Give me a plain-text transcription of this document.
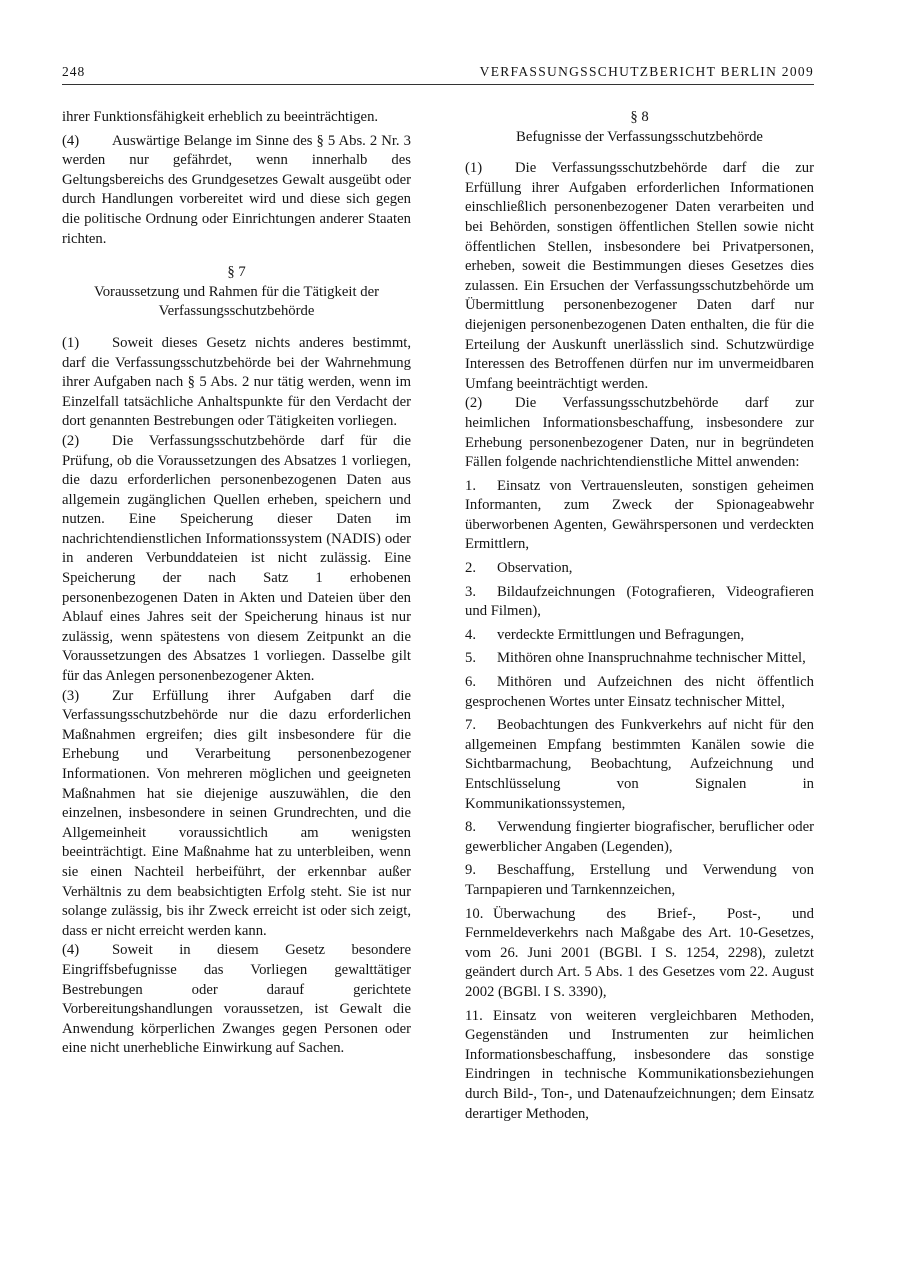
248	VERFASSUNGSSCHUTZBERICHT BERLIN 2009

ihrer Funktionsfähigkeit erheblich zu beeinträchtigen.

(4) Auswärtige Belange im Sinne des § 5 Abs. 2 Nr. 3 werden nur gefährdet, wenn innerhalb des Geltungsbereichs des Grundgesetzes Gewalt ausgeübt oder durch Handlungen vorbereitet wird und diese sich gegen die politische Ordnung oder Einrichtungen anderer Staaten richten.

§ 7
Voraussetzung und Rahmen für die Tätigkeit der Verfassungsschutzbehörde

(1) Soweit dieses Gesetz nichts anderes bestimmt, darf die Verfassungsschutzbehörde bei der Wahrnehmung ihrer Aufgaben nach § 5 Abs. 2 nur tätig werden, wenn im Einzelfall tatsächliche Anhaltspunkte für den Verdacht der dort genannten Bestrebungen oder Tätigkeiten vorliegen.

(2) Die Verfassungsschutzbehörde darf für die Prüfung, ob die Voraussetzungen des Absatzes 1 vorliegen, die dazu erforderlichen personenbezogenen Daten aus allgemein zugänglichen Quellen erheben, speichern und nutzen. Eine Speicherung dieser Daten im nachrichtendienstlichen Informationssystem (NADIS) oder in anderen Verbunddateien ist nicht zulässig. Eine Speicherung der nach Satz 1 erhobenen personenbezogenen Daten in Akten und Dateien über den Ablauf eines Jahres seit der Speicherung hinaus ist nur zulässig, wenn spätestens von diesem Zeitpunkt an die Voraussetzungen des Absatzes 1 vorliegen. Dasselbe gilt für das Anlegen personenbezogener Akten.

(3) Zur Erfüllung ihrer Aufgaben darf die Verfassungsschutzbehörde nur die dazu erforderlichen Maßnahmen ergreifen; dies gilt insbesondere für die Erhebung und Verarbeitung personenbezogener Informationen. Von mehreren möglichen und geeigneten Maßnahmen hat sie diejenige auszuwählen, die den einzelnen, insbesondere in seinen Grundrechten, und die Allgemeinheit voraussichtlich am wenigsten beeinträchtigt. Eine Maßnahme hat zu unterbleiben, wenn sie einen Nachteil herbeiführt, der erkennbar außer Verhältnis zu dem beabsichtigten Erfolg steht. Sie ist nur solange zulässig, bis ihr Zweck erreicht ist oder sich zeigt, dass er nicht erreicht werden kann.

(4) Soweit in diesem Gesetz besondere Eingriffsbefugnisse das Vorliegen gewalttätiger Bestrebungen oder darauf gerichtete Vorbereitungshandlungen voraussetzen, ist Gewalt die Anwendung körperlichen Zwanges gegen Personen oder eine nicht unerhebliche Einwirkung auf Sachen.

§ 8
Befugnisse der Verfassungsschutzbehörde

(1) Die Verfassungsschutzbehörde darf die zur Erfüllung ihrer Aufgaben erforderlichen Informationen einschließlich personenbezogener Daten verarbeiten und bei Behörden, sonstigen öffentlichen Stellen sowie nicht öffentlichen Stellen, insbesondere bei Privatpersonen, erheben, soweit die Bestimmungen dieses Gesetzes dies zulassen. Ein Ersuchen der Verfassungsschutzbehörde um Übermittlung personenbezogener Daten darf nur diejenigen personenbezogenen Daten enthalten, die für die Erteilung der Auskunft unerlässlich sind. Schutzwürdige Interessen des Betroffenen dürfen nur im unvermeidbaren Umfang beeinträchtigt werden.

(2) Die Verfassungsschutzbehörde darf zur heimlichen Informationsbeschaffung, insbesondere zur Erhebung personenbezogener Daten, nur in begründeten Fällen folgende nachrichtendienstliche Mittel anwenden:

1. Einsatz von Vertrauensleuten, sonstigen geheimen Informanten, zum Zweck der Spionageabwehr überworbenen Agenten, Gewährspersonen und verdeckten Ermittlern,

2. Observation,

3. Bildaufzeichnungen (Fotografieren, Videografieren und Filmen),

4. verdeckte Ermittlungen und Befragungen,

5. Mithören ohne Inanspruchnahme technischer Mittel,

6. Mithören und Aufzeichnen des nicht öffentlich gesprochenen Wortes unter Einsatz technischer Mittel,

7. Beobachtungen des Funkverkehrs auf nicht für den allgemeinen Empfang bestimmten Kanälen sowie die Sichtbarmachung, Beobachtung, Aufzeichnung und Entschlüsselung von Signalen in Kommunikationssystemen,

8. Verwendung fingierter biografischer, beruflicher oder gewerblicher Angaben (Legenden),

9. Beschaffung, Erstellung und Verwendung von Tarnpapieren und Tarnkennzeichen,

10. Überwachung des Brief-, Post-, und Fernmeldeverkehrs nach Maßgabe des Art. 10-Gesetzes, vom 26. Juni 2001 (BGBl. I S. 1254, 2298), zuletzt geändert durch Art. 5 Abs. 1 des Gesetzes vom 22. August 2002 (BGBl. I S. 3390),

11. Einsatz von weiteren vergleichbaren Methoden, Gegenständen und Instrumenten zur heimlichen Informationsbeschaffung, insbesondere das sonstige Eindringen in technische Kommunikationsbeziehungen durch Bild-, Ton-, und Datenaufzeichnungen; dem Einsatz derartiger Methoden,
